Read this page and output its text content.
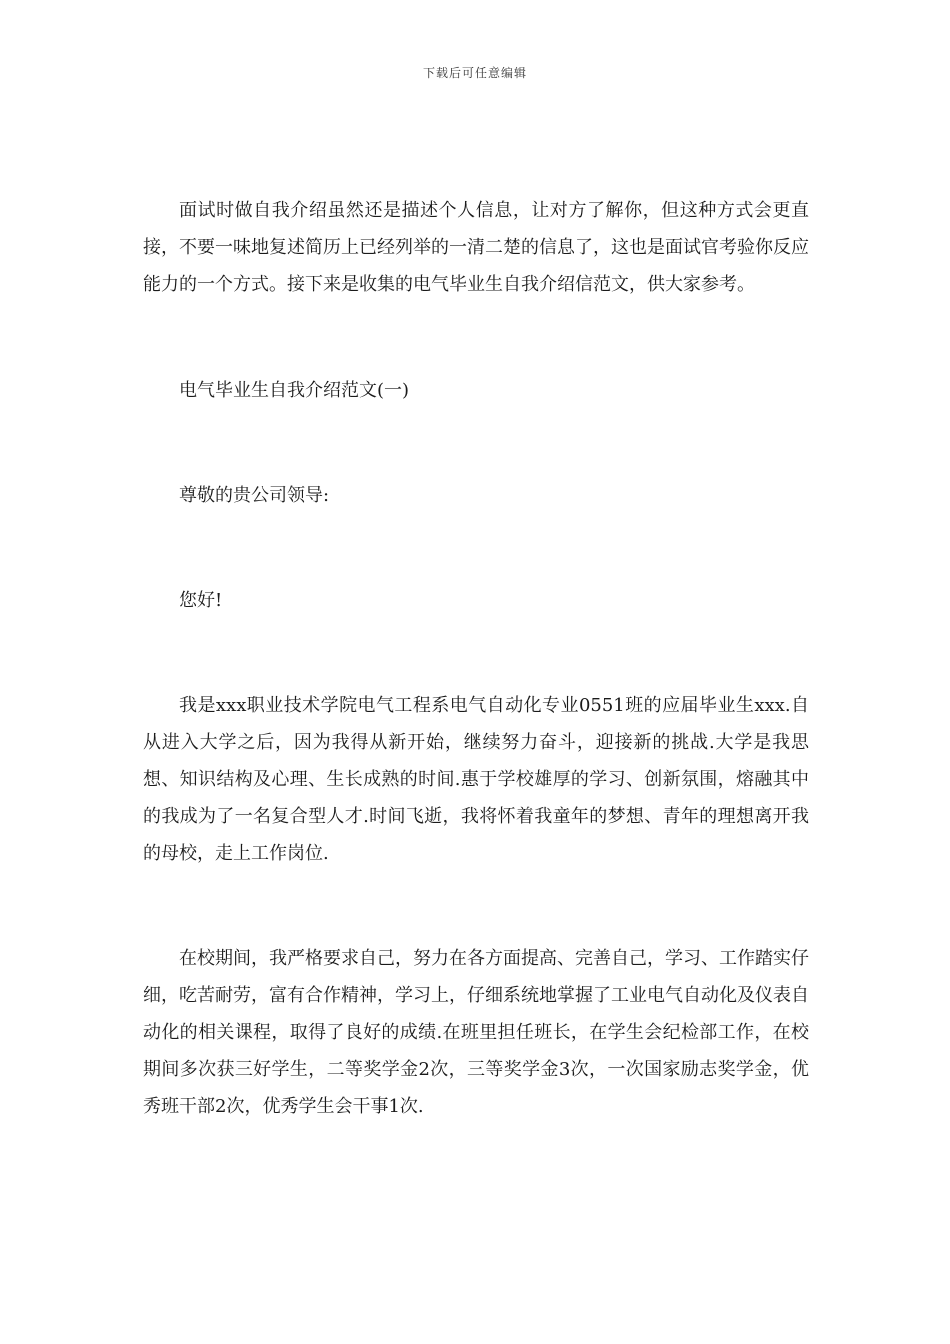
下载后可任意编辑

面试时做自我介绍虽然还是描述个人信息，让对方了解你，但这种方式会更直接，不要一味地复述简历上已经列举的一清二楚的信息了，这也是面试官考验你反应能力的一个方式。接下来是收集的电气毕业生自我介绍信范文，供大家参考。

电气毕业生自我介绍范文(一)

尊敬的贵公司领导:

您好!

我是xxx职业技术学院电气工程系电气自动化专业0551班的应届毕业生xxx.自从进入大学之后，因为我得从新开始，继续努力奋斗，迎接新的挑战.大学是我思想、知识结构及心理、生长成熟的时间.惠于学校雄厚的学习、创新氛围，熔融其中的我成为了一名复合型人才.时间飞逝，我将怀着我童年的梦想、青年的理想离开我的母校，走上工作岗位.

在校期间，我严格要求自己，努力在各方面提高、完善自己，学习、工作踏实仔细，吃苦耐劳，富有合作精神，学习上，仔细系统地掌握了工业电气自动化及仪表自动化的相关课程，取得了良好的成绩.在班里担任班长，在学生会纪检部工作，在校期间多次获三好学生，二等奖学金2次，三等奖学金3次，一次国家励志奖学金，优秀班干部2次，优秀学生会干事1次.
